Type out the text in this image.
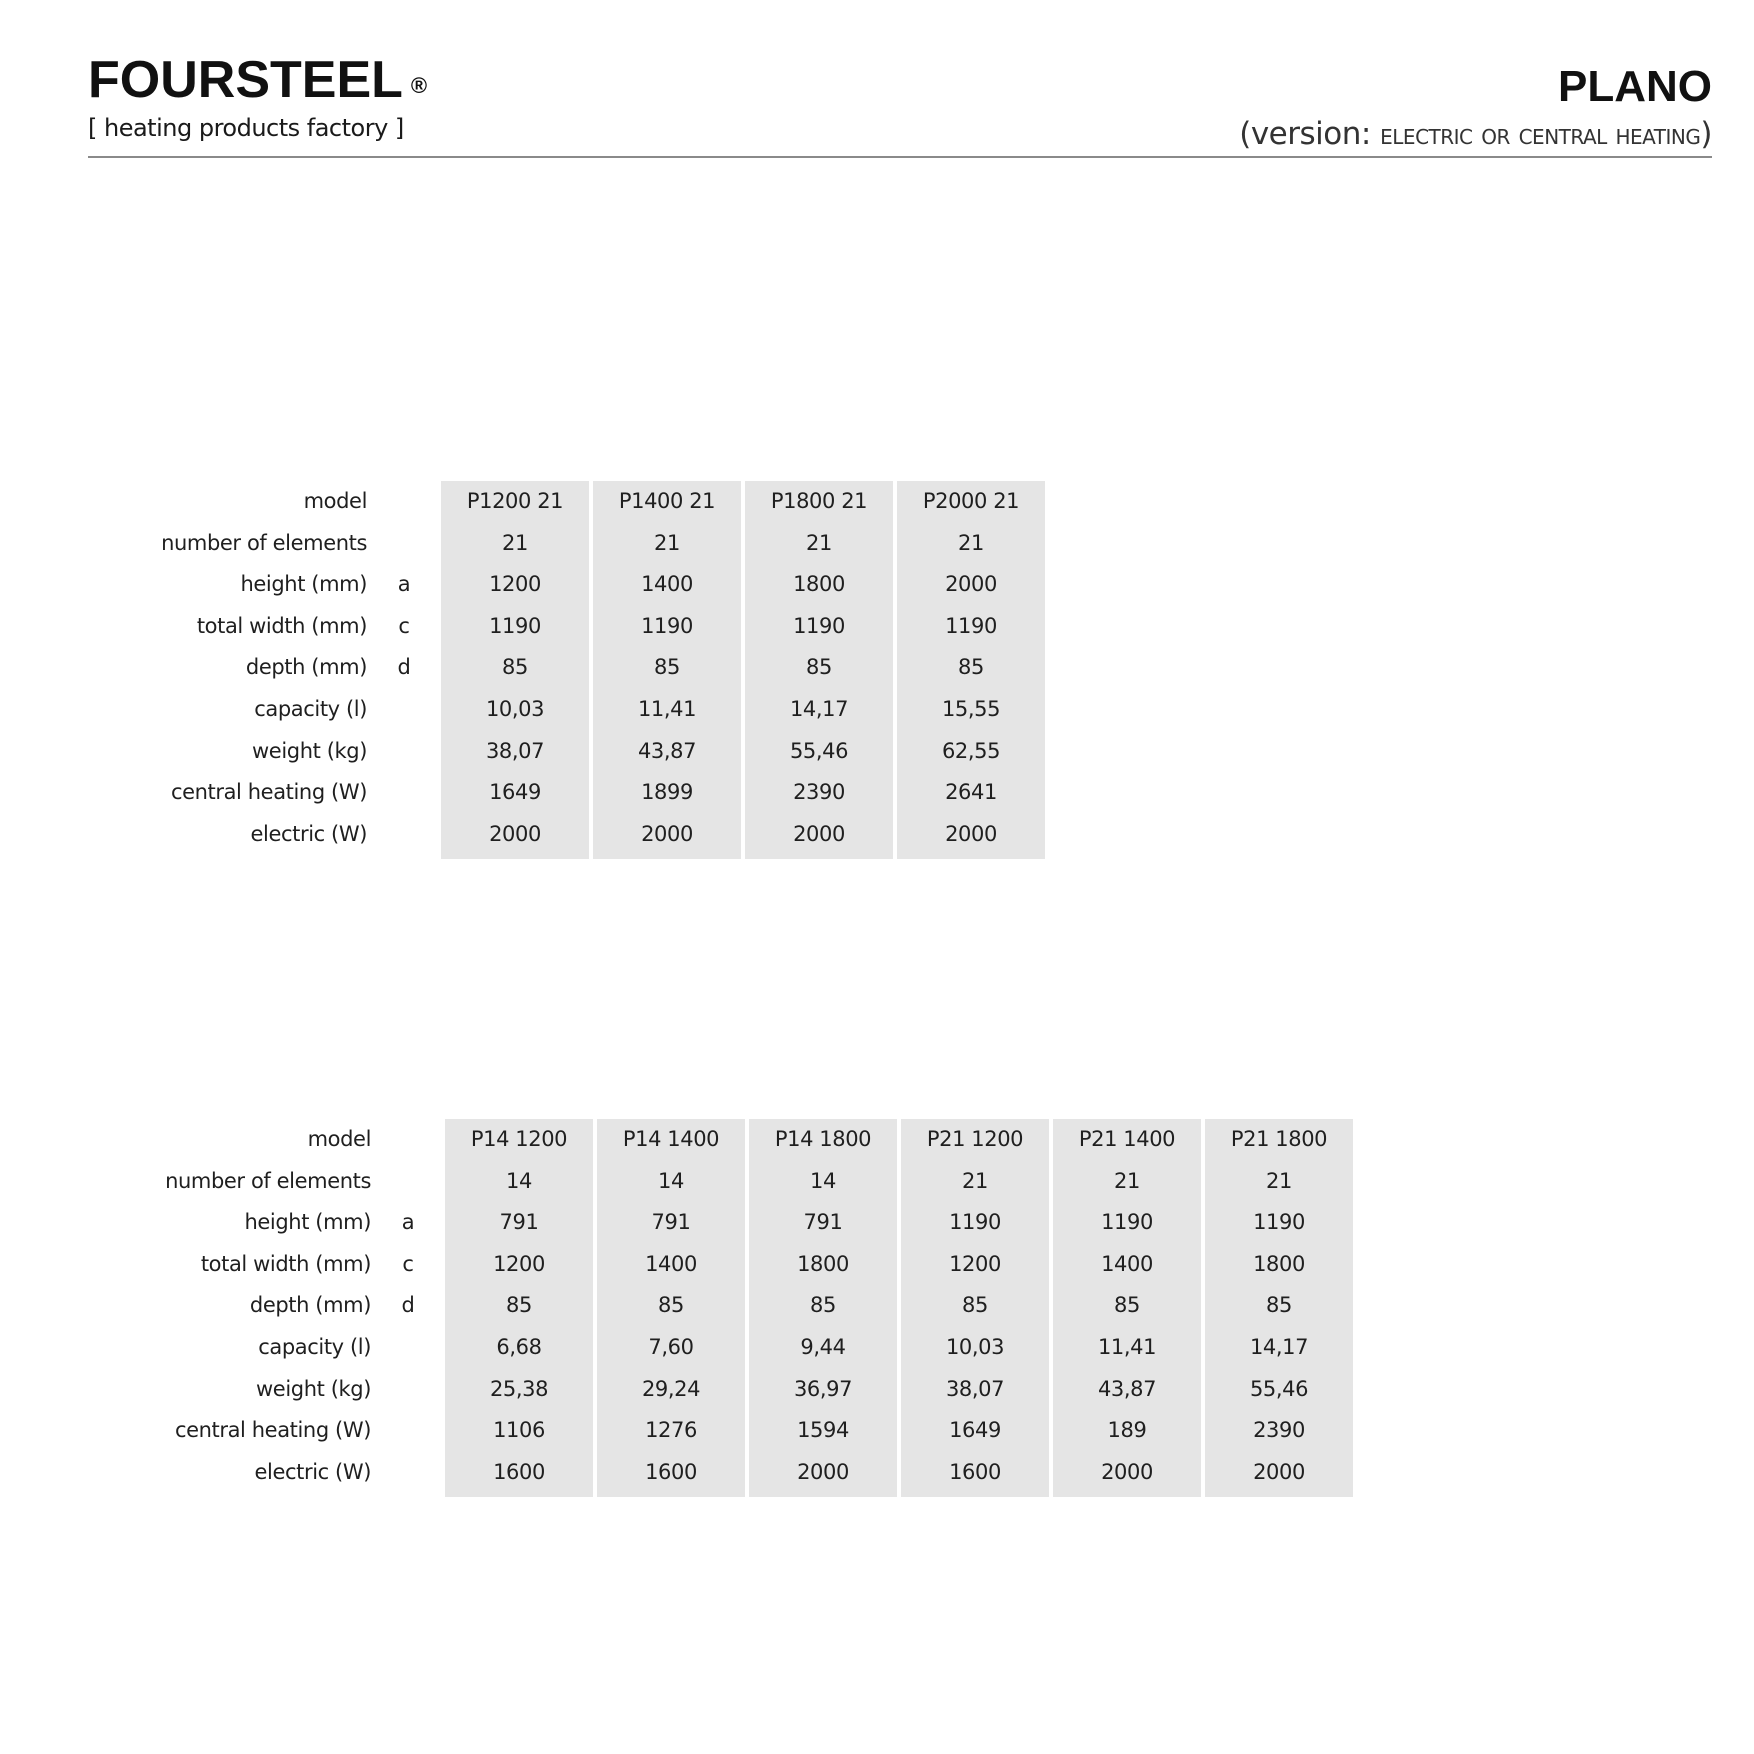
FOURSTEEL ®
[ heating products factory ]
PLANO
(version: electric or central heating)
model
number of elements
height (mm)
total width (mm)
depth (mm)
capacity (l)
weight (kg)
central heating (W)
electric (W)
a
c
d
P1200 21
21
1200
1190
85
10,03
38,07
1649
2000
P1400 21
21
1400
1190
85
11,41
43,87
1899
2000
P1800 21
21
1800
1190
85
14,17
55,46
2390
2000
P2000 21
21
2000
1190
85
15,55
62,55
2641
2000
model
number of elements
height (mm)
total width (mm)
depth (mm)
capacity (l)
weight (kg)
central heating (W)
electric (W)
a
c
d
P14 1200
14
791
1200
85
6,68
25,38
1106
1600
P14 1400
14
791
1400
85
7,60
29,24
1276
1600
P14 1800
14
791
1800
85
9,44
36,97
1594
2000
P21 1200
21
1190
1200
85
10,03
38,07
1649
1600
P21 1400
21
1190
1400
85
11,41
43,87
189
2000
P21 1800
21
1190
1800
85
14,17
55,46
2390
2000
